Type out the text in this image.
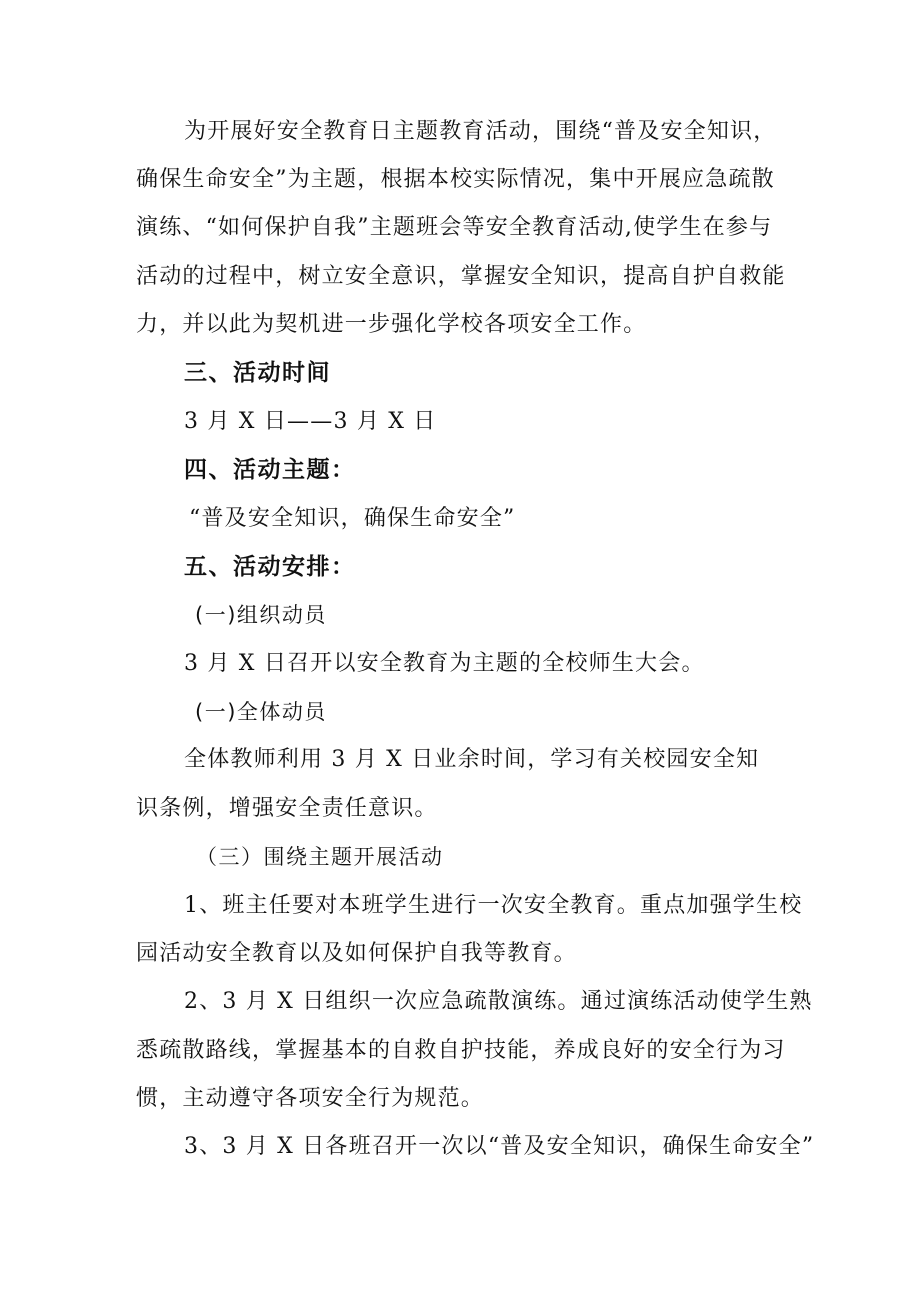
为开展好安全教育日主题教育活动，围绕“普及安全知识，
确保生命安全”为主题，根据本校实际情况，集中开展应急疏散
演练、“如何保护自我”主题班会等安全教育活动,使学生在参与
活动的过程中，树立安全意识，掌握安全知识，提高自护自救能
力，并以此为契机进一步强化学校各项安全工作。
三、活动时间
3 月 X 日——3 月 X 日
四、活动主题：
“普及安全知识，确保生命安全”
五、活动安排：
(一)组织动员
3 月 X 日召开以安全教育为主题的全校师生大会。
(一)全体动员
全体教师利用 3 月 X 日业余时间，学习有关校园安全知
识条例，增强安全责任意识。
（三）围绕主题开展活动
1、班主任要对本班学生进行一次安全教育。重点加强学生校
园活动安全教育以及如何保护自我等教育。
2、3 月 X 日组织一次应急疏散演练。通过演练活动使学生熟
悉疏散路线，掌握基本的自救自护技能，养成良好的安全行为习
惯，主动遵守各项安全行为规范。
3、3 月 X 日各班召开一次以“普及安全知识，确保生命安全”
